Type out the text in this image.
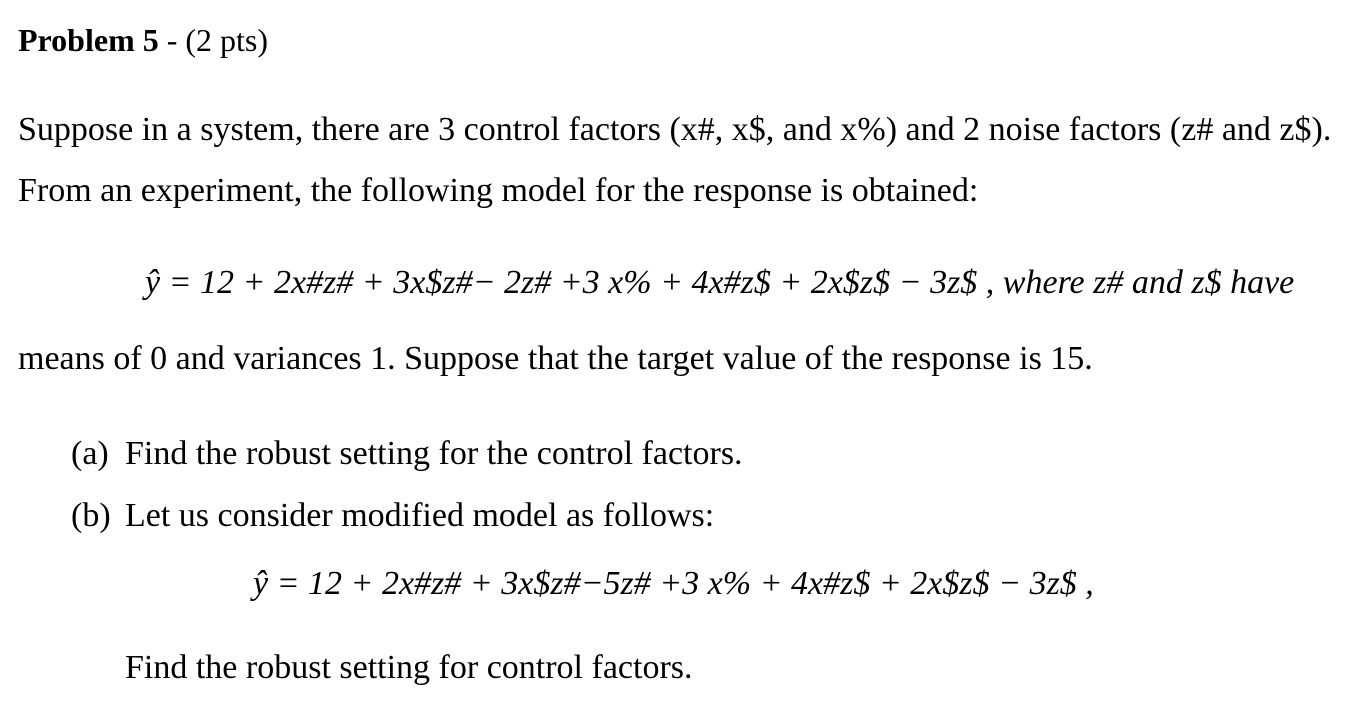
Problem 5 - (2 pts)
Suppose in a system, there are 3 control factors (x#, x$, and x%) and 2 noise factors (z# and z$).
From an experiment, the following model for the response is obtained:
ŷ = 12 + 2x#z# + 3x$z#− 2z# +3 x% + 4x#z$ + 2x$z$ − 3z$ , where z# and z$ have
means of 0 and variances 1. Suppose that the target value of the response is 15.
(a) Find the robust setting for the control factors.
(b) Let us consider modified model as follows:
ŷ = 12 + 2x#z# + 3x$z#−5z# +3 x% + 4x#z$ + 2x$z$ − 3z$ ,
Find the robust setting for control factors.
